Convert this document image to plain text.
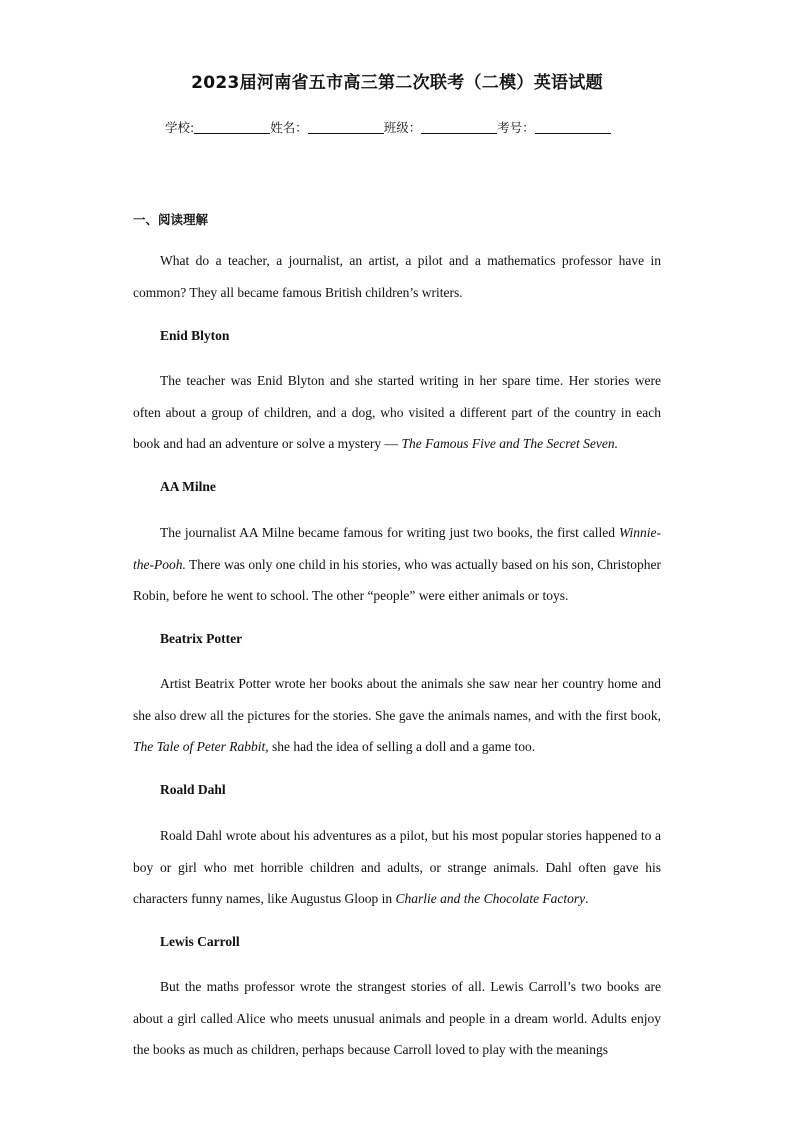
2023届河南省五市高三第二次联考（二模）英语试题
学校:	姓名：	班级：	考号：
一、阅读理解
What do a teacher, a journalist, an artist, a pilot and a mathematics professor have in common? They all became famous British children’s writers.
Enid Blyton
The teacher was Enid Blyton and she started writing in her spare time. Her stories were often about a group of children, and a dog, who visited a different part of the country in each book and had an adventure or solve a mystery — The Famous Five and The Secret Seven.
AA Milne
The journalist AA Milne became famous for writing just two books, the first called Winnie-the-Pooh. There was only one child in his stories, who was actually based on his son, Christopher Robin, before he went to school. The other “people” were either animals or toys.
Beatrix Potter
Artist Beatrix Potter wrote her books about the animals she saw near her country home and she also drew all the pictures for the stories. She gave the animals names, and with the first book, The Tale of Peter Rabbit, she had the idea of selling a doll and a game too.
Roald Dahl
Roald Dahl wrote about his adventures as a pilot, but his most popular stories happened to a boy or girl who met horrible children and adults, or strange animals. Dahl often gave his characters funny names, like Augustus Gloop in Charlie and the Chocolate Factory.
Lewis Carroll
But the maths professor wrote the strangest stories of all. Lewis Carroll’s two books are about a girl called Alice who meets unusual animals and people in a dream world. Adults enjoy the books as much as children, perhaps because Carroll loved to play with the meanings
